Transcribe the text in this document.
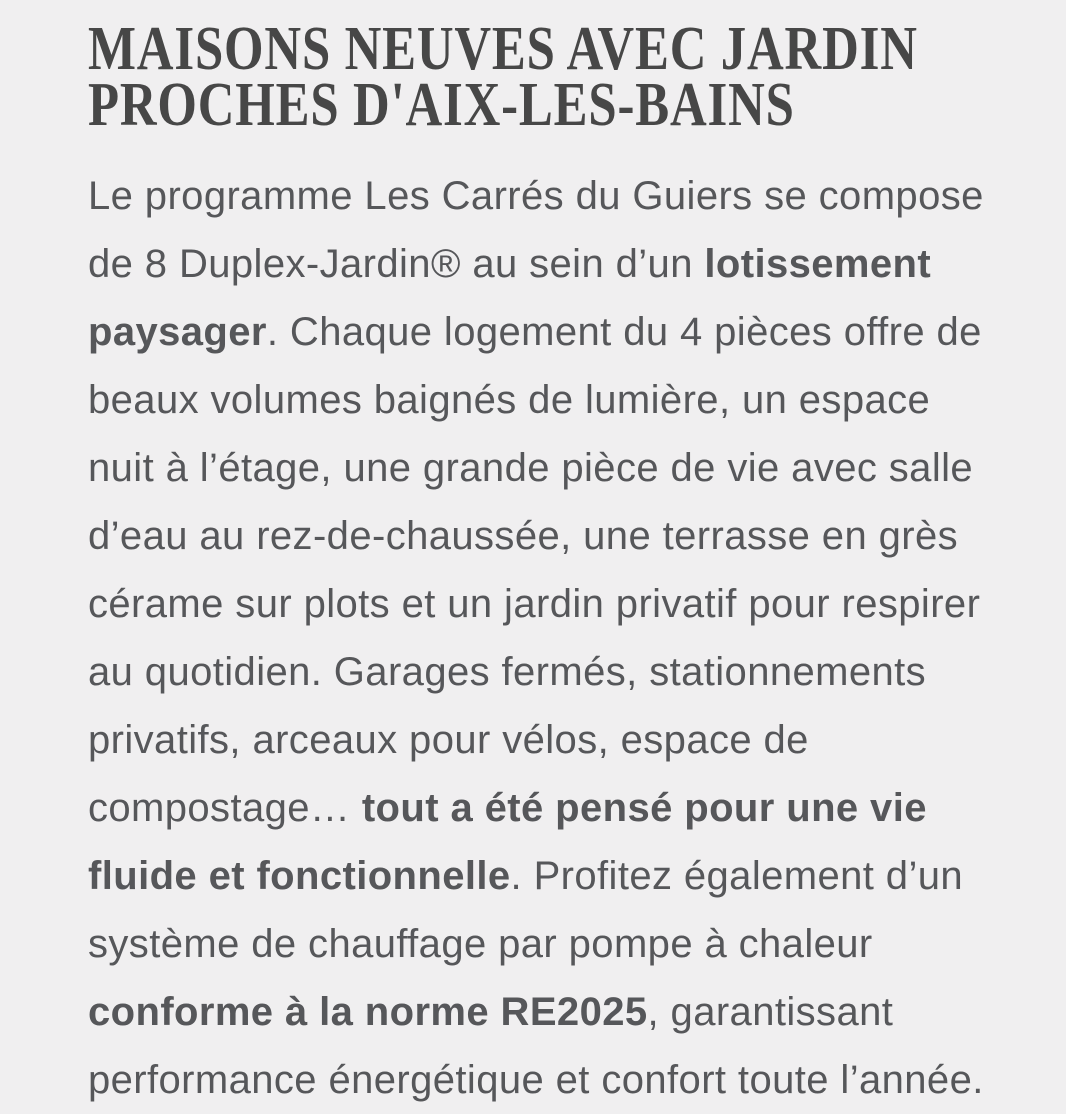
MAISONS NEUVES AVEC JARDIN
PROCHES D'AIX-LES-BAINS

Le programme Les Carrés du Guiers se compose de 8 Duplex-Jardin® au sein d’un lotissement paysager. Chaque logement du 4 pièces offre de beaux volumes baignés de lumière, un espace nuit à l’étage, une grande pièce de vie avec salle d’eau au rez-de-chaussée, une terrasse en grès cérame sur plots et un jardin privatif pour respirer au quotidien. Garages fermés, stationnements privatifs, arceaux pour vélos, espace de compostage… tout a été pensé pour une vie fluide et fonctionnelle. Profitez également d’un système de chauffage par pompe à chaleur conforme à la norme RE2025, garantissant performance énergétique et confort toute l’année.
